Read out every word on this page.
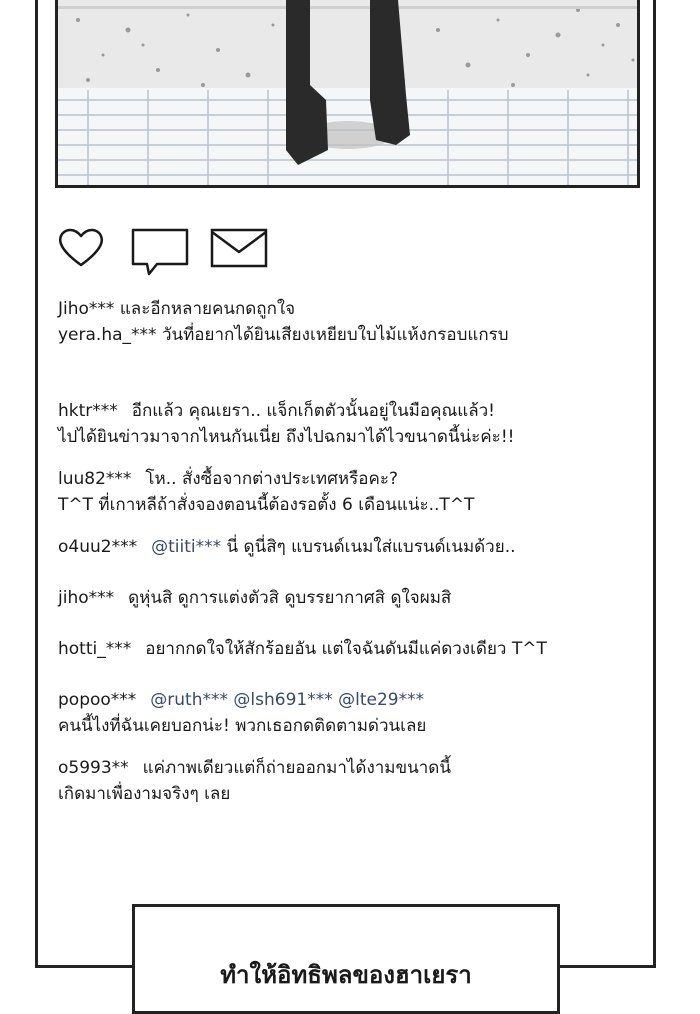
Jiho*** และอีกหลายคนกดถูกใจ
yera.ha_*** วันที่อยากได้ยินเสียงเหยียบใบไม้แห้งกรอบแกรบ
hktr*** อีกแล้ว คุณเยรา.. แจ็กเก็ตตัวนั้นอยู่ในมือคุณแล้ว!
ไปได้ยินข่าวมาจากไหนกันเนี่ย ถึงไปฉกมาได้ไวขนาดนี้น่ะค่ะ!!
luu82*** โห.. สั่งซื้อจากต่างประเทศหรือคะ?
T^T ที่เกาหลีถ้าสั่งจองตอนนี้ต้องรอตั้ง 6 เดือนแน่ะ..T^T
o4uu2*** @tiiti*** นี่ ดูนี่สิๆ แบรนด์เนมใส่แบรนด์เนมด้วย..
jiho*** ดูหุ่นสิ ดูการแต่งตัวสิ ดูบรรยากาศสิ ดูใจผมสิ
hotti_*** อยากกดใจให้สักร้อยอัน แต่ใจฉันดันมีแค่ดวงเดียว T^T
popoo*** @ruth*** @lsh691*** @lte29***
คนนี้ไงที่ฉันเคยบอกน่ะ! พวกเธอกดติดตามด่วนเลย
o5993** แค่ภาพเดียวแต่ก็ถ่ายออกมาได้งามขนาดนี้
เกิดมาเพื่องามจริงๆ เลย
ทำให้อิทธิพลของฮาเยรา
